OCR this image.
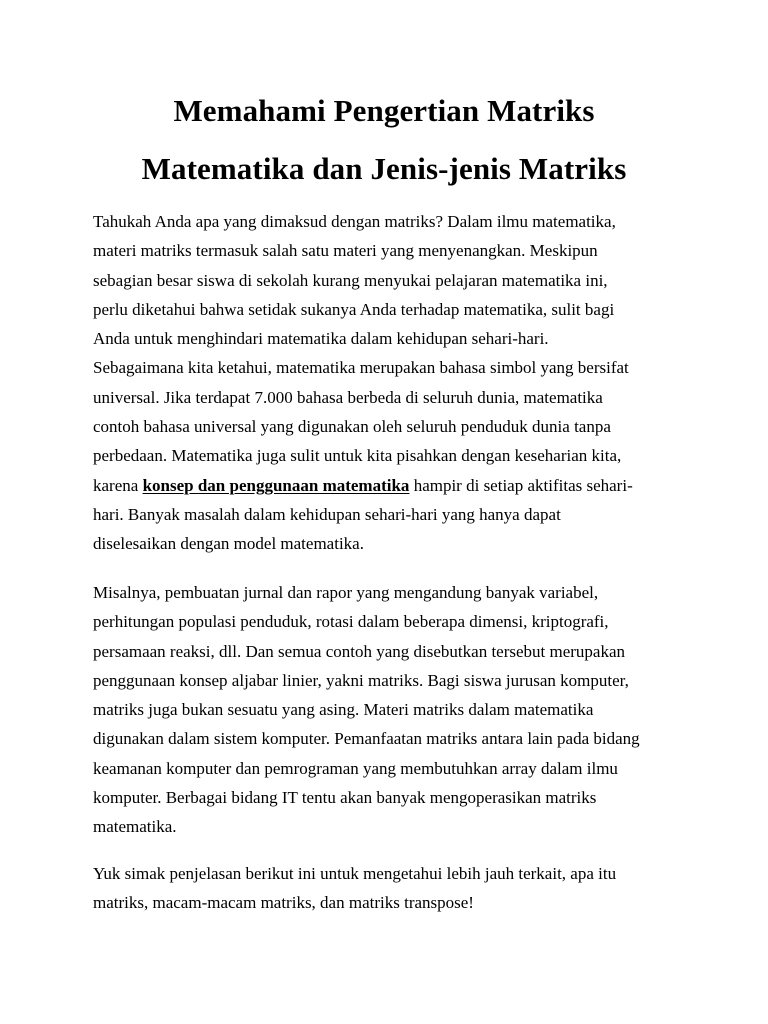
Memahami Pengertian Matriks
Matematika dan Jenis-jenis Matriks

Tahukah Anda apa yang dimaksud dengan matriks? Dalam ilmu matematika,
materi matriks termasuk salah satu materi yang menyenangkan. Meskipun
sebagian besar siswa di sekolah kurang menyukai pelajaran matematika ini,
perlu diketahui bahwa setidak sukanya Anda terhadap matematika, sulit bagi
Anda untuk menghindari matematika dalam kehidupan sehari-hari.
Sebagaimana kita ketahui, matematika merupakan bahasa simbol yang bersifat
universal. Jika terdapat 7.000 bahasa berbeda di seluruh dunia, matematika
contoh bahasa universal yang digunakan oleh seluruh penduduk dunia tanpa
perbedaan. Matematika juga sulit untuk kita pisahkan dengan keseharian kita,
karena konsep dan penggunaan matematika hampir di setiap aktifitas sehari-
hari. Banyak masalah dalam kehidupan sehari-hari yang hanya dapat
diselesaikan dengan model matematika.

Misalnya, pembuatan jurnal dan rapor yang mengandung banyak variabel,
perhitungan populasi penduduk, rotasi dalam beberapa dimensi, kriptografi,
persamaan reaksi, dll. Dan semua contoh yang disebutkan tersebut merupakan
penggunaan konsep aljabar linier, yakni matriks. Bagi siswa jurusan komputer,
matriks juga bukan sesuatu yang asing. Materi matriks dalam matematika
digunakan dalam sistem komputer. Pemanfaatan matriks antara lain pada bidang
keamanan komputer dan pemrograman yang membutuhkan array dalam ilmu
komputer. Berbagai bidang IT tentu akan banyak mengoperasikan matriks
matematika.

Yuk simak penjelasan berikut ini untuk mengetahui lebih jauh terkait, apa itu
matriks, macam-macam matriks, dan matriks transpose!
